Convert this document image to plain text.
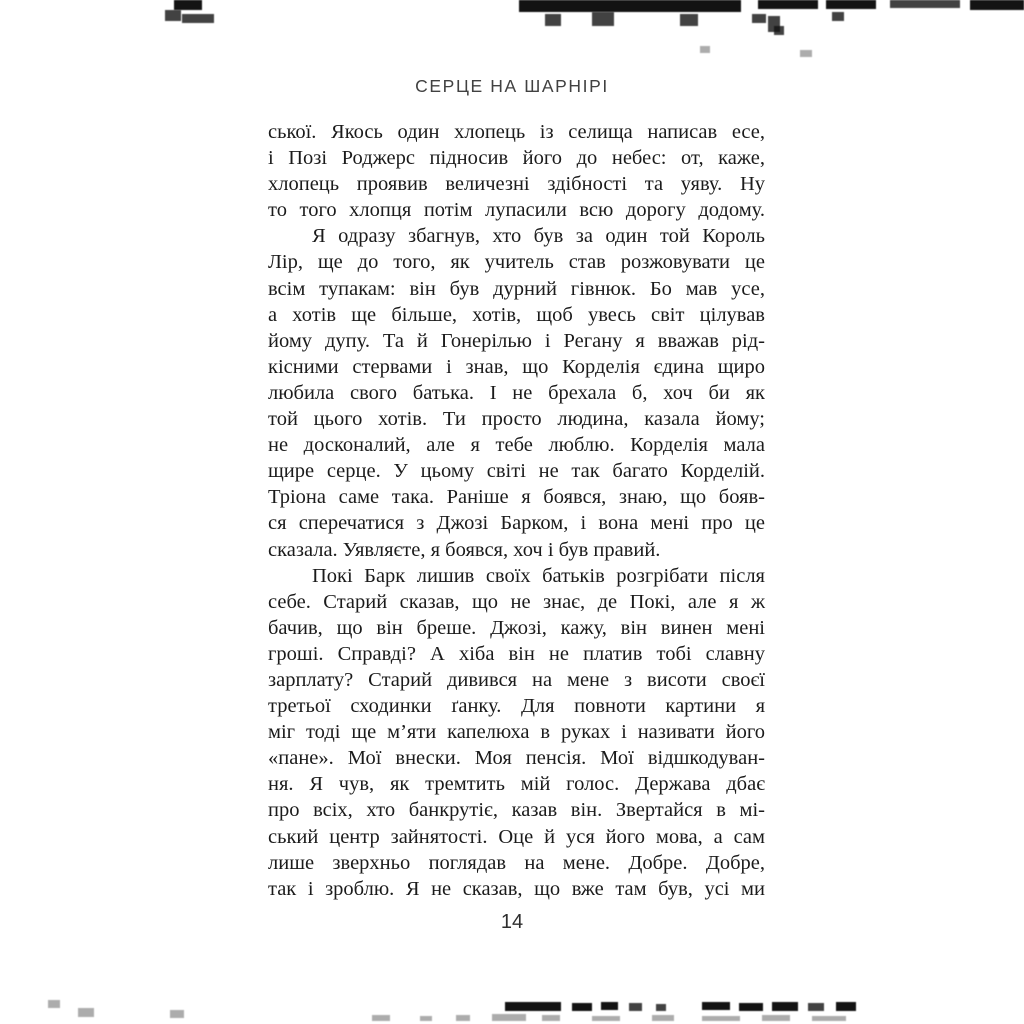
СЕРЦЕ НА ШАРНІРІ
ської. Якось один хлопець із селища написав есе,
і Позі Роджерс підносив його до небес: от, каже,
хлопець проявив величезні здібності та уяву. Ну
то того хлопця потім лупасили всю дорогу додому.
Я одразу збагнув, хто був за один той Король
Лір, ще до того, як учитель став розжовувати це
всім тупакам: він був дурний гівнюк. Бо мав усе,
а хотів ще більше, хотів, щоб увесь світ цілував
йому дупу. Та й Гонерілью і Регану я вважав рід-
кісними стервами і знав, що Корделія єдина щиро
любила свого батька. І не брехала б, хоч би як
той цього хотів. Ти просто людина, казала йому;
не досконалий, але я тебе люблю. Корделія мала
щире серце. У цьому світі не так багато Корделій.
Тріона саме така. Раніше я боявся, знаю, що бояв-
ся сперечатися з Джозі Барком, і вона мені про це
сказала. Уявляєте, я боявся, хоч і був правий.
Покі Барк лишив своїх батьків розгрібати після
себе. Старий сказав, що не знає, де Покі, але я ж
бачив, що він бреше. Джозі, кажу, він винен мені
гроші. Справді? А хіба він не платив тобі славну
зарплату? Старий дивився на мене з висоти своєї
третьої сходинки ґанку. Для повноти картини я
міг тоді ще м’яти капелюха в руках і називати його
«пане». Мої внески. Моя пенсія. Мої відшкодуван-
ня. Я чув, як тремтить мій голос. Держава дбає
про всіх, хто банкрутіє, казав він. Звертайся в мі-
ський центр зайнятості. Оце й уся його мова, а сам
лише зверхньо поглядав на мене. Добре. Добре,
так і зроблю. Я не сказав, що вже там був, усі ми
14
